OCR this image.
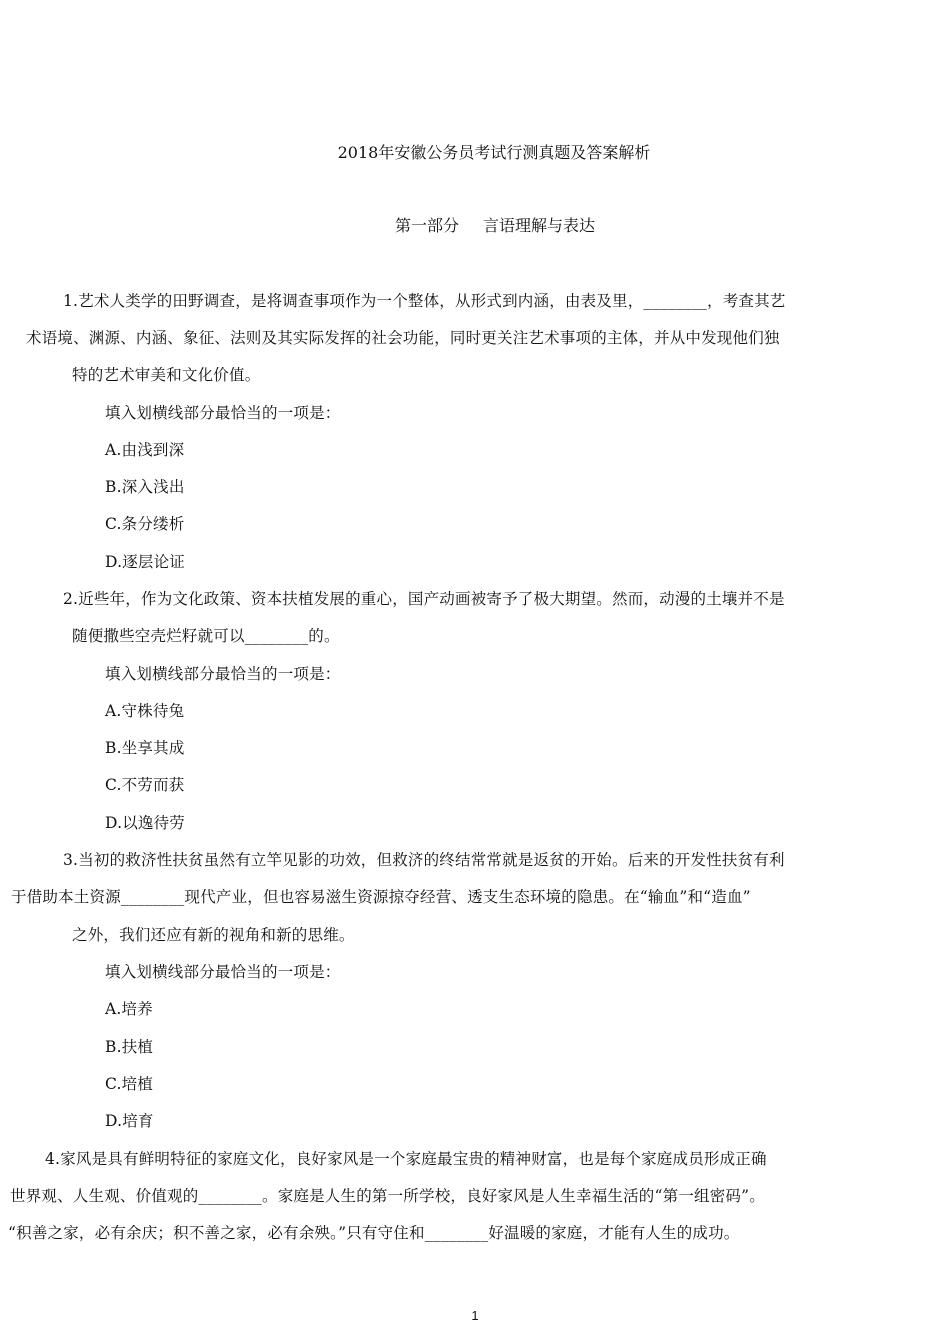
2018年安徽公务员考试行测真题及答案解析
第一部分 言语理解与表达
1.艺术人类学的田野调查，是将调查事项作为一个整体，从形式到内涵，由表及里，________，考查其艺
术语境、渊源、内涵、象征、法则及其实际发挥的社会功能，同时更关注艺术事项的主体，并从中发现他们独
特的艺术审美和文化价值。
填入划横线部分最恰当的一项是：
A.由浅到深
B.深入浅出
C.条分缕析
D.逐层论证
2.近些年，作为文化政策、资本扶植发展的重心，国产动画被寄予了极大期望。然而，动漫的土壤并不是
随便撒些空壳烂籽就可以________的。
填入划横线部分最恰当的一项是：
A.守株待兔
B.坐享其成
C.不劳而获
D.以逸待劳
3.当初的救济性扶贫虽然有立竿见影的功效，但救济的终结常常就是返贫的开始。后来的开发性扶贫有利
于借助本土资源________现代产业，但也容易滋生资源掠夺经营、透支生态环境的隐患。在“输血”和“造血”
之外，我们还应有新的视角和新的思维。
填入划横线部分最恰当的一项是：
A.培养
B.扶植
C.培植
D.培育
4.家风是具有鲜明特征的家庭文化，良好家风是一个家庭最宝贵的精神财富，也是每个家庭成员形成正确
世界观、人生观、价值观的________。家庭是人生的第一所学校，良好家风是人生幸福生活的“第一组密码”。
“积善之家，必有余庆；积不善之家，必有余殃。”只有守住和________好温暖的家庭，才能有人生的成功。
1
